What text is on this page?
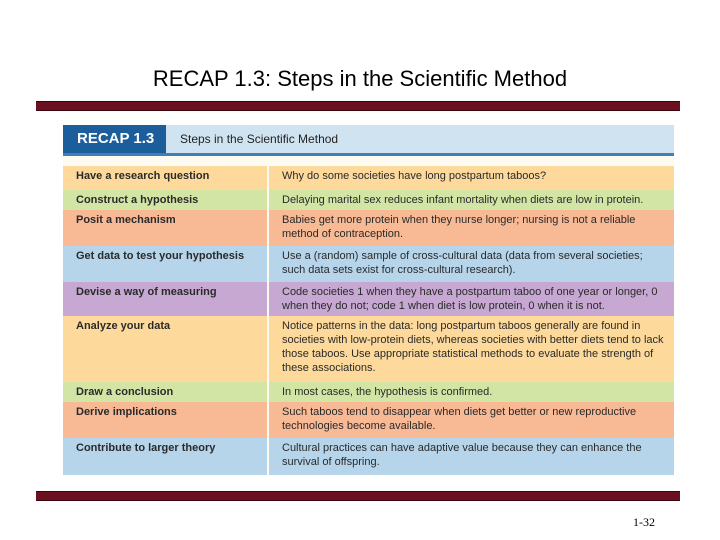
RECAP 1.3: Steps in the Scientific Method
RECAP 1.3	Steps in the Scientific Method
Have a research question	Why do some societies have long postpartum taboos?
Construct a hypothesis	Delaying marital sex reduces infant mortality when diets are low in protein.
Posit a mechanism	Babies get more protein when they nurse longer; nursing is not a reliable method of contraception.
Get data to test your hypothesis	Use a (random) sample of cross-cultural data (data from several societies; such data sets exist for cross-cultural research).
Devise a way of measuring	Code societies 1 when they have a postpartum taboo of one year or longer, 0 when they do not; code 1 when diet is low protein, 0 when it is not.
Analyze your data	Notice patterns in the data: long postpartum taboos generally are found in societies with low-protein diets, whereas societies with better diets tend to lack those taboos. Use appropriate statistical methods to evaluate the strength of these associations.
Draw a conclusion	In most cases, the hypothesis is confirmed.
Derive implications	Such taboos tend to disappear when diets get better or new reproductive technologies become available.
Contribute to larger theory	Cultural practices can have adaptive value because they can enhance the survival of offspring.
1-32
